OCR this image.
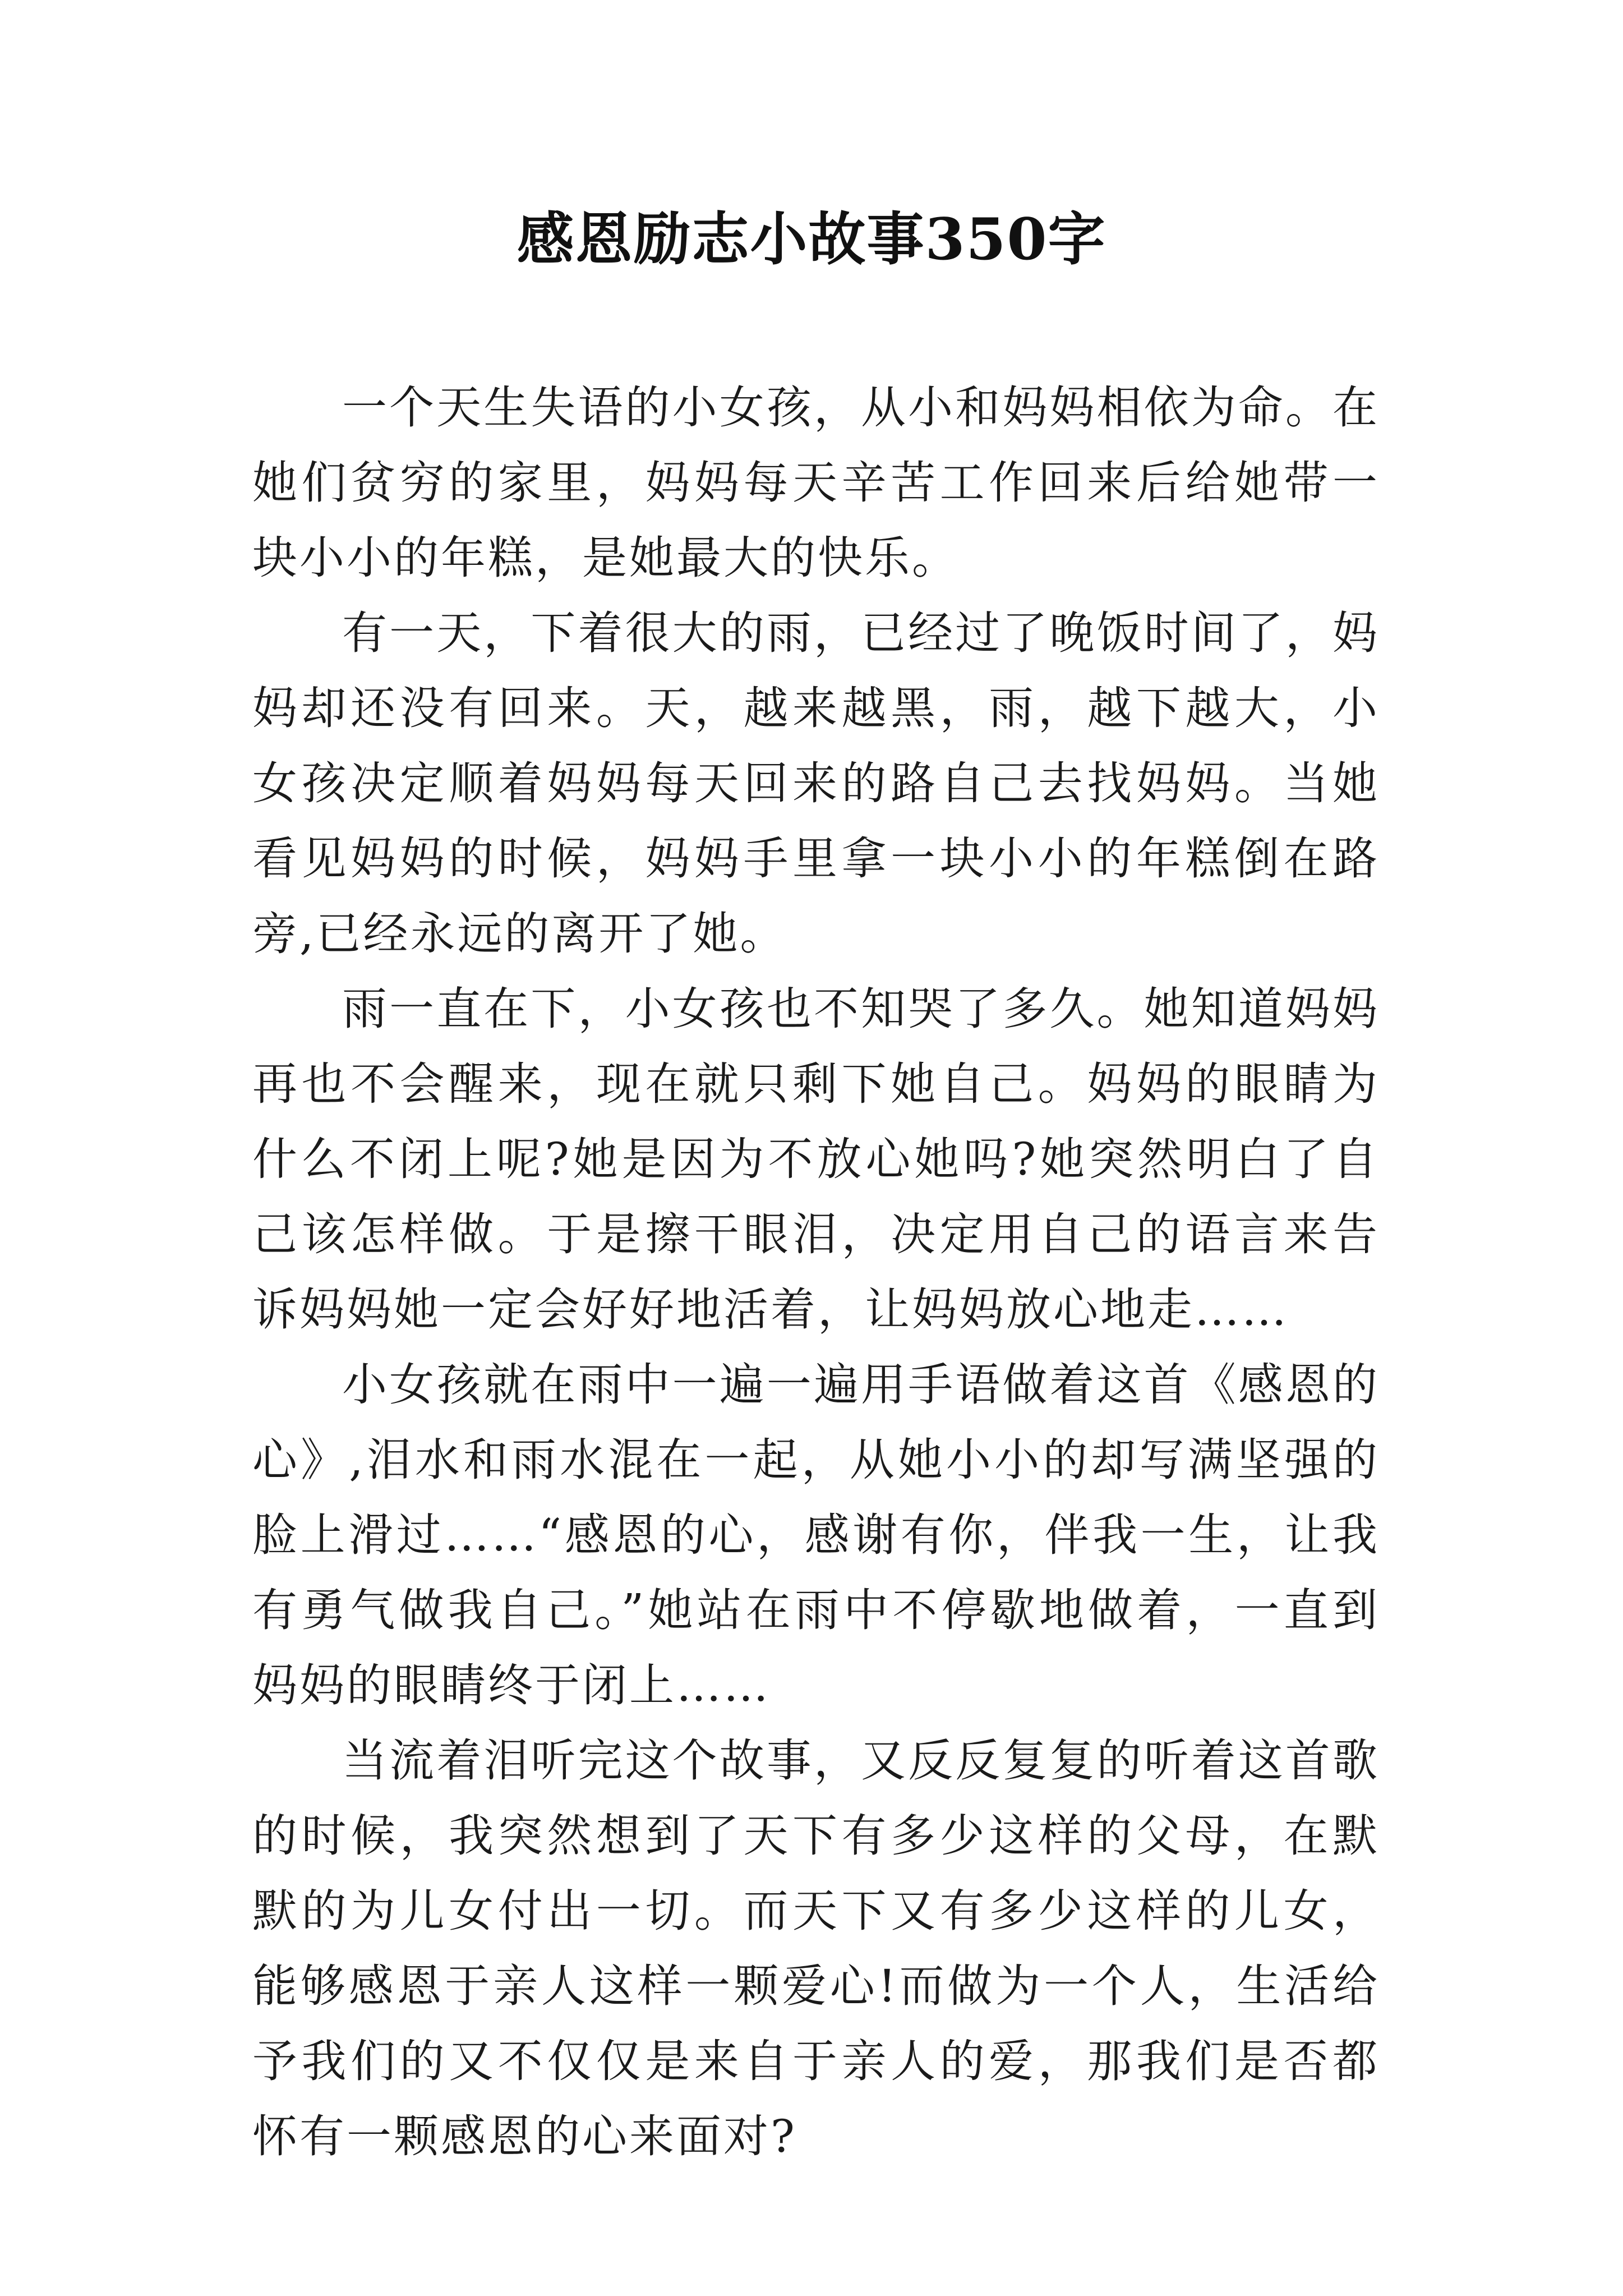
感恩励志小故事350字

一个天生失语的小女孩，从小和妈妈相依为命。在她们贫穷的家里，妈妈每天辛苦工作回来后给她带一块小小的年糕，是她最大的快乐。

有一天，下着很大的雨，已经过了晚饭时间了，妈妈却还没有回来。天，越来越黑，雨，越下越大，小女孩决定顺着妈妈每天回来的路自己去找妈妈。当她看见妈妈的时候，妈妈手里拿一块小小的年糕倒在路旁,已经永远的离开了她。

雨一直在下，小女孩也不知哭了多久。她知道妈妈再也不会醒来，现在就只剩下她自己。妈妈的眼睛为什么不闭上呢?她是因为不放心她吗?她突然明白了自己该怎样做。于是擦干眼泪，决定用自己的语言来告诉妈妈她一定会好好地活着，让妈妈放心地走……

小女孩就在雨中一遍一遍用手语做着这首《感恩的心》,泪水和雨水混在一起，从她小小的却写满坚强的脸上滑过……“感恩的心，感谢有你，伴我一生，让我有勇气做我自己。”她站在雨中不停歇地做着，一直到妈妈的眼睛终于闭上……

当流着泪听完这个故事，又反反复复的听着这首歌的时候，我突然想到了天下有多少这样的父母，在默默的为儿女付出一切。而天下又有多少这样的儿女，能够感恩于亲人这样一颗爱心!而做为一个人，生活给予我们的又不仅仅是来自于亲人的爱，那我们是否都怀有一颗感恩的心来面对?
